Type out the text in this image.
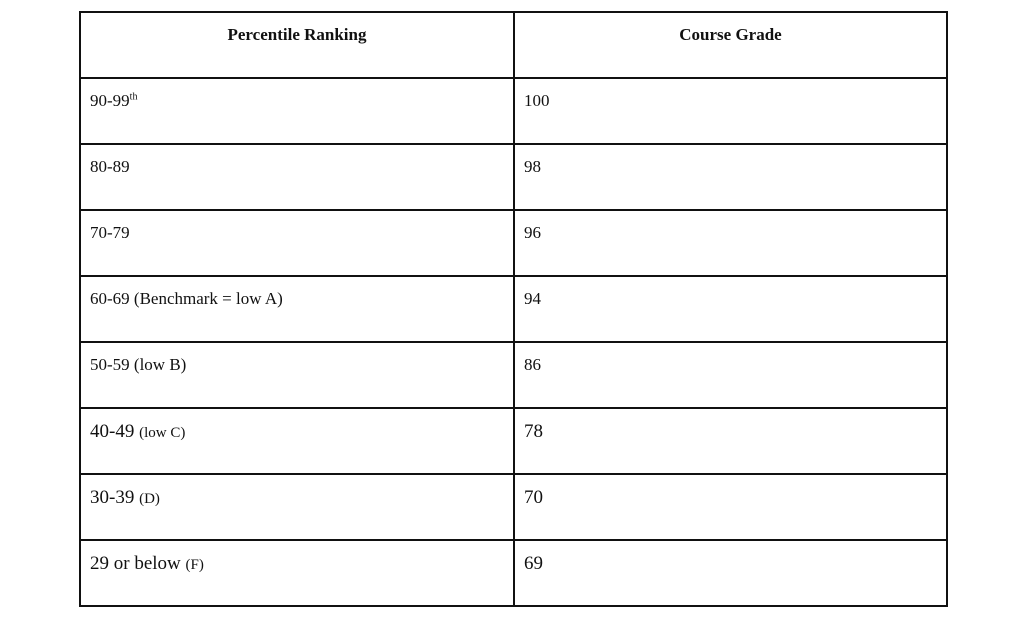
Percentile Ranking	Course Grade
90-99th	100
80-89	98
70-79	96
60-69 (Benchmark = low A)	94
50-59 (low B)	86
40-49 (low C)	78
30-39 (D)	70
29 or below (F)	69
